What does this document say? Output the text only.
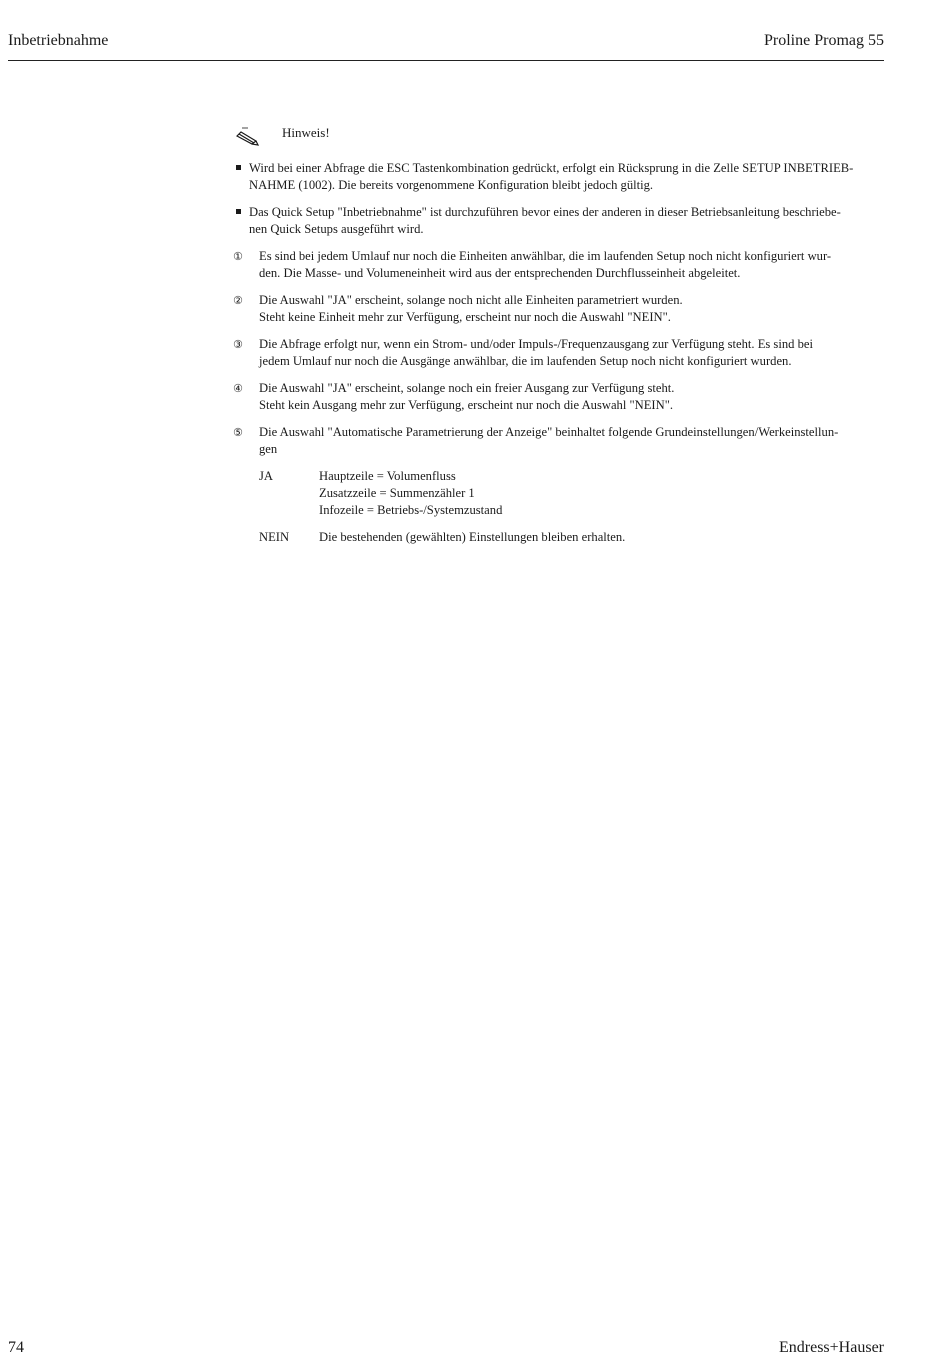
Inbetriebnahme	Proline Promag 55
Hinweis!
Wird bei einer Abfrage die ESC Tastenkombination gedrückt, erfolgt ein Rücksprung in die Zelle SETUP INBETRIEB-
NAHME (1002). Die bereits vorgenommene Konfiguration bleibt jedoch gültig.
Das Quick Setup "Inbetriebnahme" ist durchzuführen bevor eines der anderen in dieser Betriebsanleitung beschriebe-
nen Quick Setups ausgeführt wird.
① Es sind bei jedem Umlauf nur noch die Einheiten anwählbar, die im laufenden Setup noch nicht konfiguriert wur-
den. Die Masse- und Volumeneinheit wird aus der entsprechenden Durchflusseinheit abgeleitet.
② Die Auswahl "JA" erscheint, solange noch nicht alle Einheiten parametriert wurden.
Steht keine Einheit mehr zur Verfügung, erscheint nur noch die Auswahl "NEIN".
③ Die Abfrage erfolgt nur, wenn ein Strom- und/oder Impuls-/Frequenzausgang zur Verfügung steht. Es sind bei
jedem Umlauf nur noch die Ausgänge anwählbar, die im laufenden Setup noch nicht konfiguriert wurden.
④ Die Auswahl "JA" erscheint, solange noch ein freier Ausgang zur Verfügung steht.
Steht kein Ausgang mehr zur Verfügung, erscheint nur noch die Auswahl "NEIN".
⑤ Die Auswahl "Automatische Parametrierung der Anzeige" beinhaltet folgende Grundeinstellungen/Werkeinstellun-
gen
JA	Hauptzeile = Volumenfluss
Zusatzzeile = Summenzähler 1
Infozeile = Betriebs-/Systemzustand
NEIN	Die bestehenden (gewählten) Einstellungen bleiben erhalten.
74	Endress+Hauser
